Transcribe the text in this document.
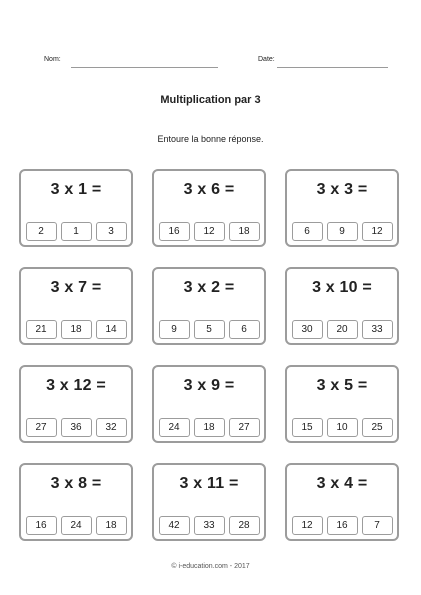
Nom:	Date:
Multiplication par 3
Entoure la bonne réponse.
3 x 1 =
2	1	3
3 x 6 =
16	12	18
3 x 3 =
6	9	12
3 x 7 =
21	18	14
3 x 2 =
9	5	6
3 x 10 =
30	20	33
3 x 12 =
27	36	32
3 x 9 =
24	18	27
3 x 5 =
15	10	25
3 x 8 =
16	24	18
3 x 11 =
42	33	28
3 x 4 =
12	16	7
© i-education.com - 2017
